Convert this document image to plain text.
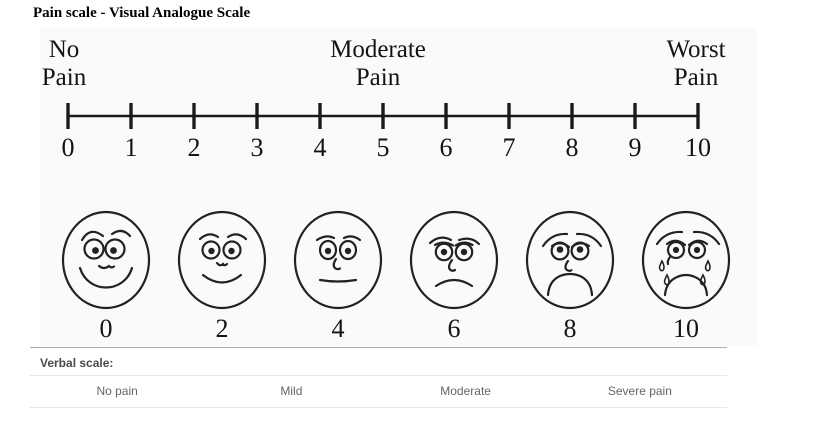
Pain scale - Visual Analogue Scale
No
Pain
Moderate
Pain
Worst
Pain
0	1	2	3	4	5	6	7	8	9	10
0	2	4	6	8	10
Verbal scale:
No pain	Mild	Moderate	Severe pain
